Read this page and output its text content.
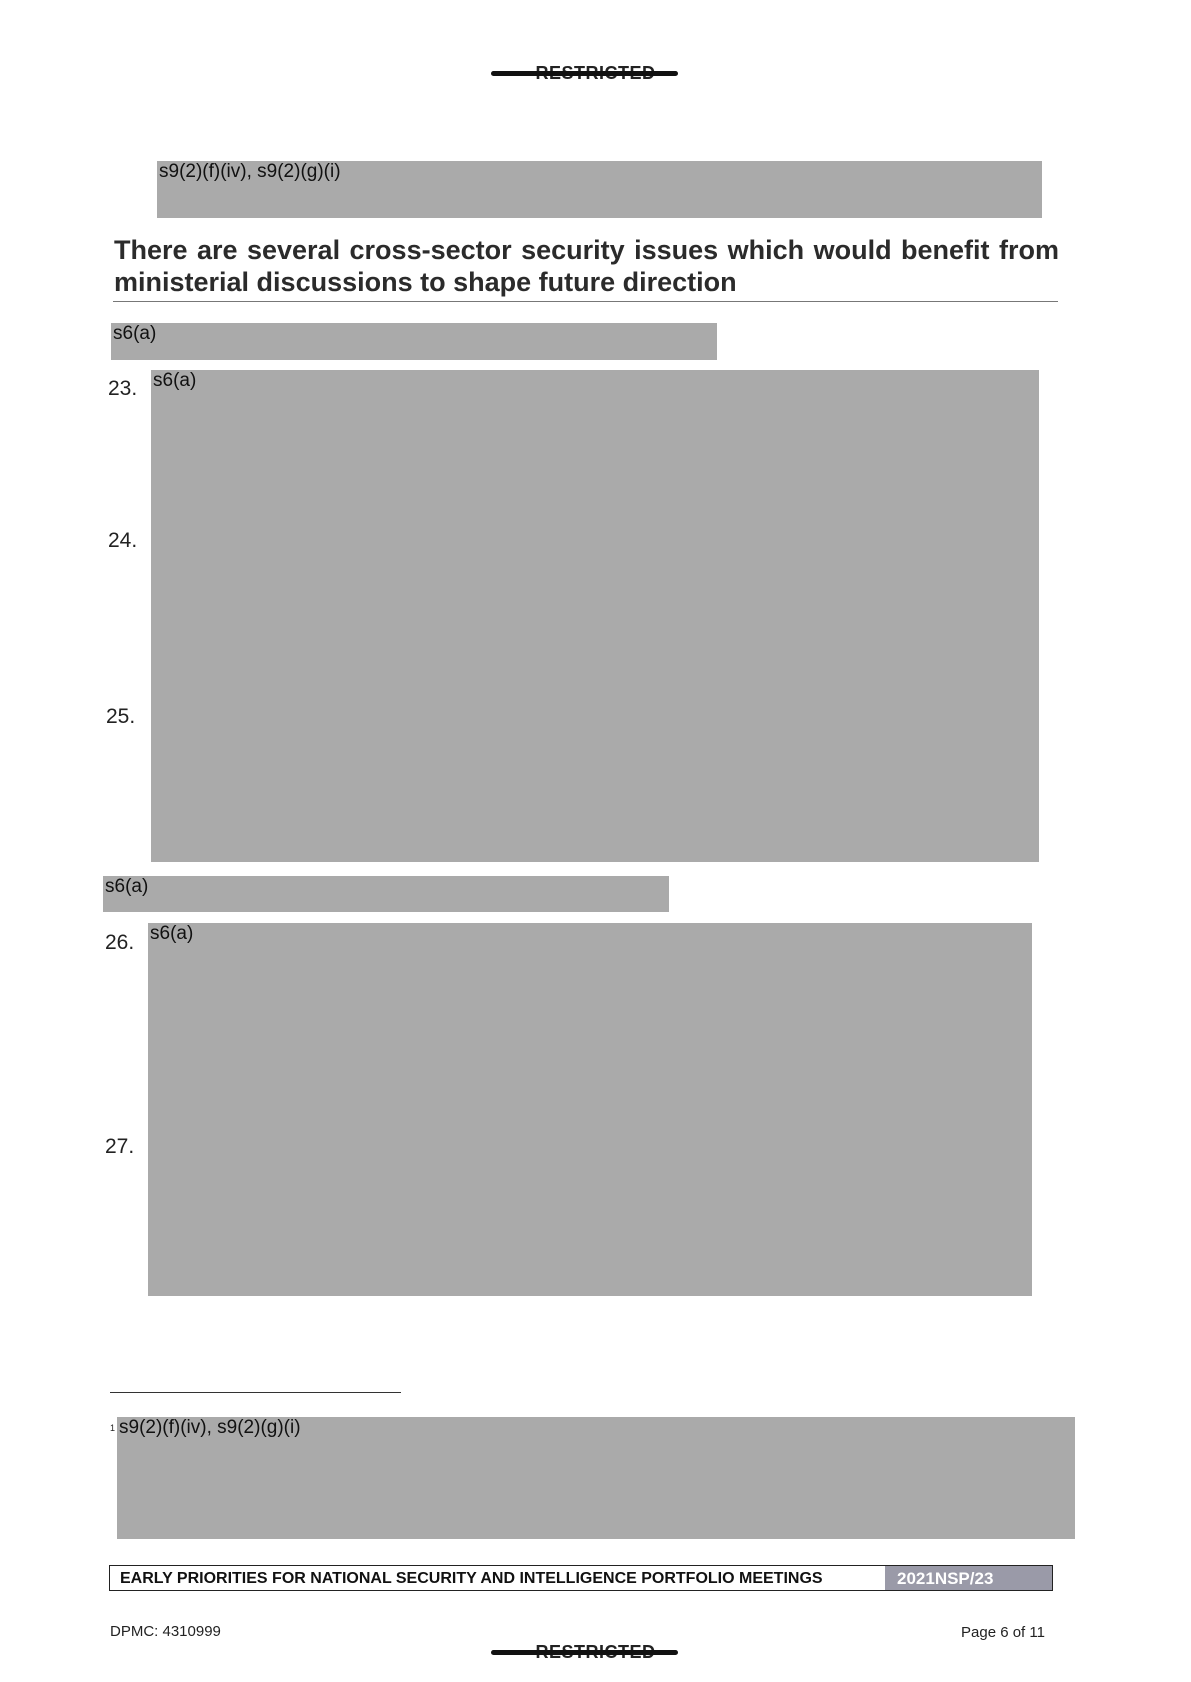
s9(2)(f)(iv), s9(2)(g)(i)
There are several cross-sector security issues which would benefit from ministerial discussions to shape future direction
s6(a)
23.
24.
25.
s6(a)
s6(a)
26.
27.
s6(a)
1 s9(2)(f)(iv), s9(2)(g)(i)
EARLY PRIORITIES FOR NATIONAL SECURITY AND INTELLIGENCE PORTFOLIO MEETINGS	2021NSP/23
DPMC: 4310999	Page 6 of 11
